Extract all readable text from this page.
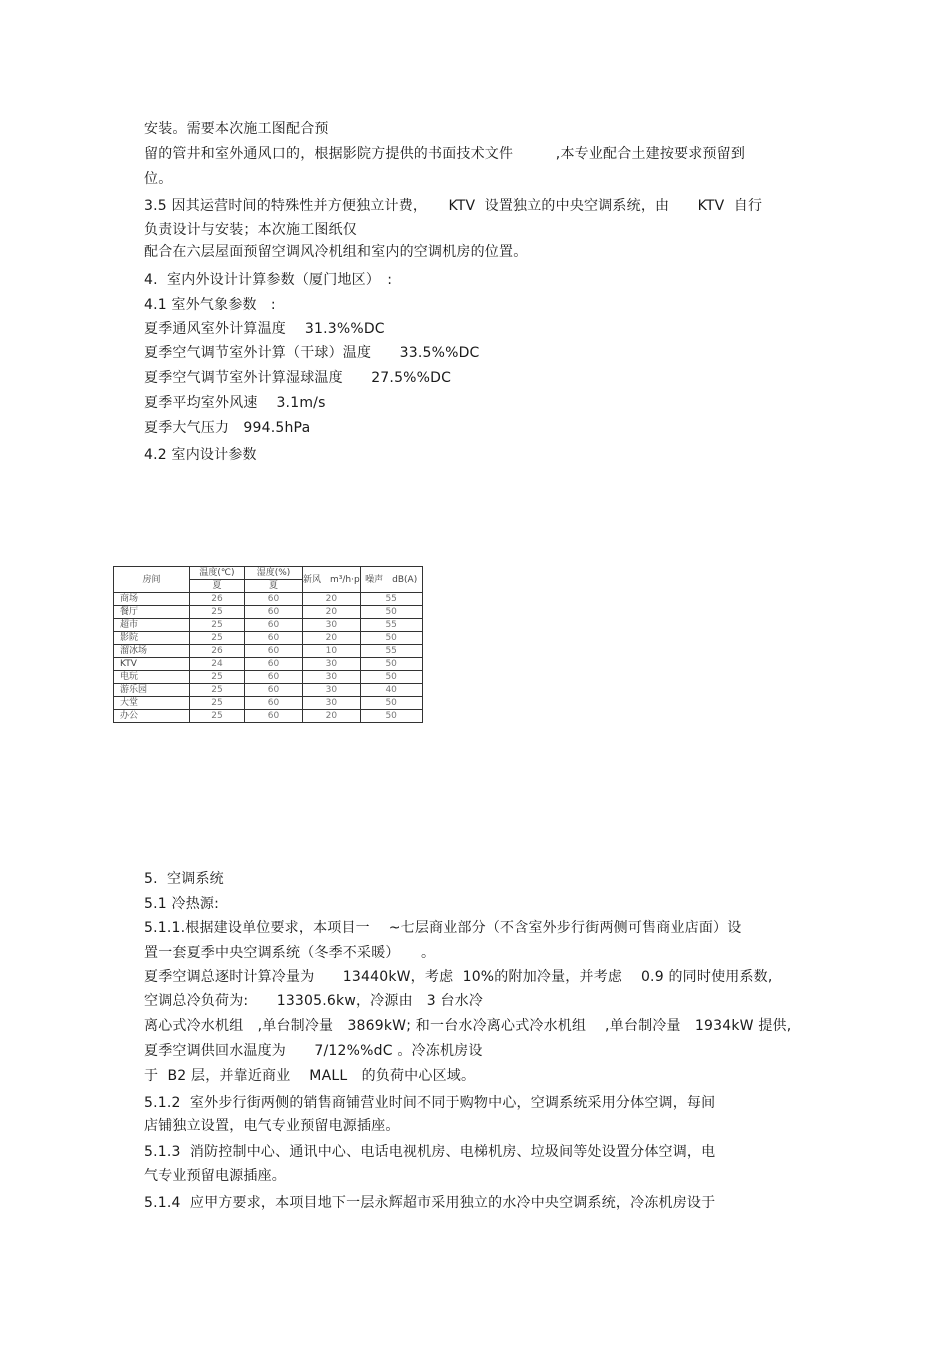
安装。需要本次施工图配合预
留的管井和室外通风口的，根据影院方提供的书面技术文件　　　,本专业配合土建按要求预留到
位。
3.5 因其运营时间的特殊性并方便独立计费，　　KTV  设置独立的中央空调系统，由　　KTV  自行
负责设计与安装；本次施工图纸仅
配合在六层屋面预留空调风冷机组和室内的空调机房的位置。
4.  室内外设计计算参数（厦门地区）　:
4.1 室外气象参数　:
夏季通风室外计算温度　 31.3%%DC
夏季空气调节室外计算（干球）温度　　33.5%%DC
夏季空气调节室外计算湿球温度　　27.5%%DC
夏季平均室外风速　 3.1m/s
夏季大气压力　994.5hPa
4.2 室内设计参数
房间	温度(℃)	湿度(%)	新风　m³/h·p	噪声　dB(A)
	夏	夏		
商场	26	60	20	55
餐厅	25	60	20	50
超市	25	60	30	55
影院	25	60	20	50
溜冰场	26	60	10	55
KTV	24	60	30	50
电玩	25	60	30	50
游乐园	25	60	30	40
大堂	25	60	30	50
办公	25	60	20	50
5.  空调系统
5.1 冷热源:
5.1.1.根据建设单位要求，本项目一　 ~七层商业部分（不含室外步行街两侧可售商业店面）设
置一套夏季中央空调系统（冬季不采暖）　　。
夏季空调总逐时计算冷量为　　13440kW，考虑  10%的附加冷量，并考虑　 0.9 的同时使用系数,
空调总冷负荷为:　　13305.6kw，冷源由   3 台水冷
离心式冷水机组　,单台制冷量　3869kW; 和一台水冷离心式冷水机组　 ,单台制冷量　1934kW 提供,
夏季空调供回水温度为　　7/12%%dC 。冷冻机房设
于  B2 层，并靠近商业　 MALL　的负荷中心区域。
5.1.2  室外步行街两侧的销售商铺营业时间不同于购物中心，空调系统采用分体空调，每间
店铺独立设置，电气专业预留电源插座。
5.1.3  消防控制中心、通讯中心、电话电视机房、电梯机房、垃圾间等处设置分体空调，电
气专业预留电源插座。
5.1.4  应甲方要求，本项目地下一层永辉超市采用独立的水冷中央空调系统，冷冻机房设于
